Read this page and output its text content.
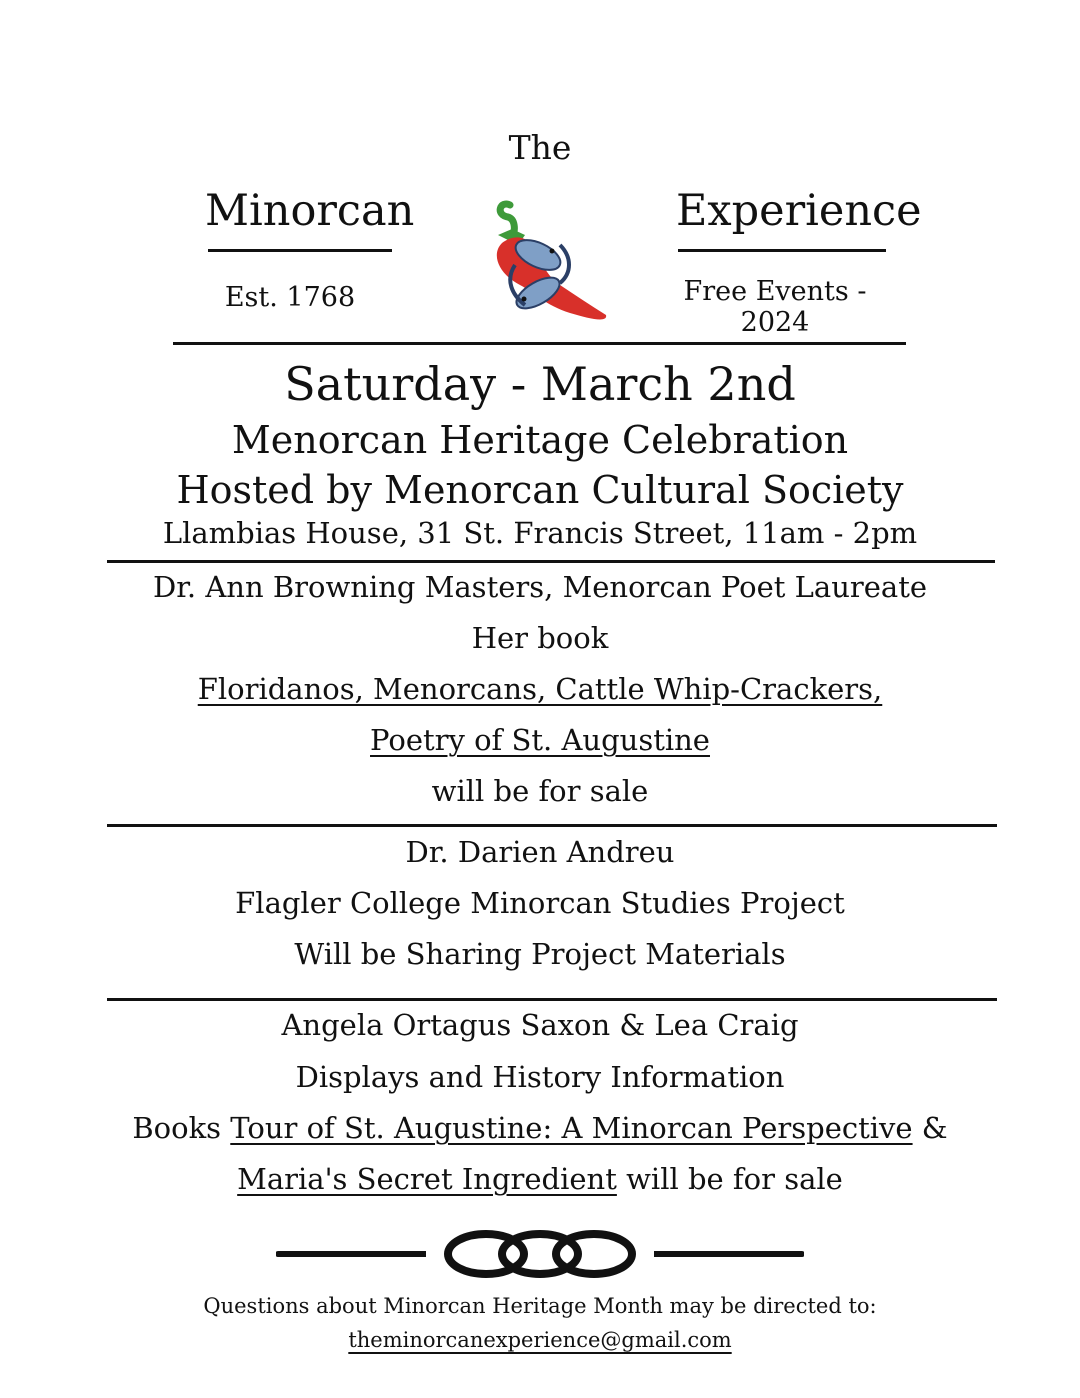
The
Minorcan
Est. 1768
Experience
Free Events - 2024
Saturday - March 2nd
Menorcan Heritage Celebration
Hosted by Menorcan Cultural Society
Llambias House, 31 St. Francis Street, 11am - 2pm
Dr. Ann Browning Masters, Menorcan Poet Laureate
Her book
Floridanos, Menorcans, Cattle Whip-Crackers,
Poetry of St. Augustine
will be for sale
Dr. Darien Andreu
Flagler College Minorcan Studies Project
Will be Sharing Project Materials
Angela Ortagus Saxon & Lea Craig
Displays and History Information
Books Tour of St. Augustine: A Minorcan Perspective &
Maria's Secret Ingredient will be for sale
Questions about Minorcan Heritage Month may be directed to:
theminorcanexperience@gmail.com
